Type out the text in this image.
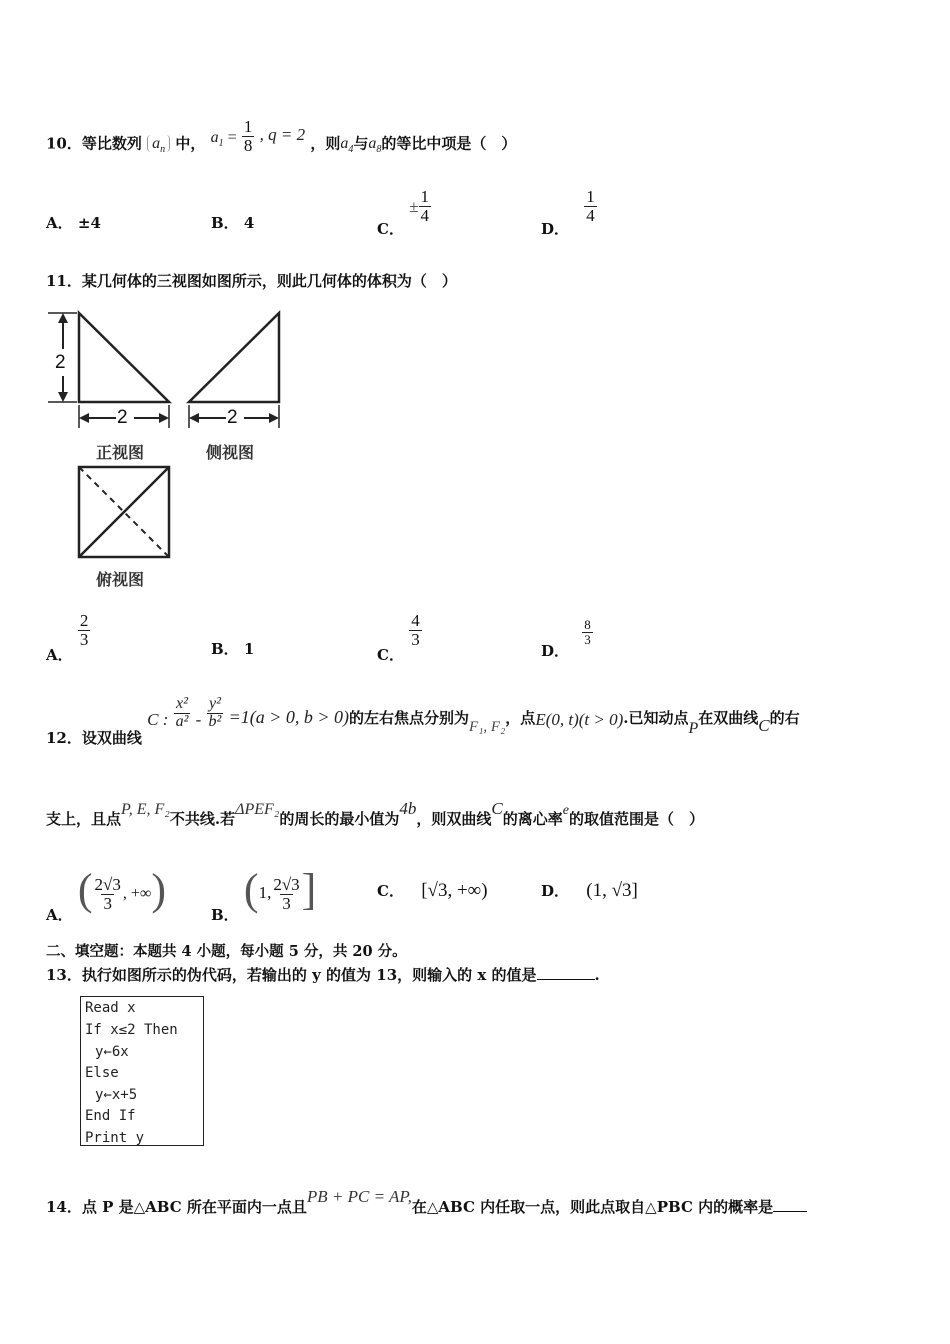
10．等比数列 $a_n$ 中， $a_1 = \frac{1}{8}$ , q = 2 ，则$a_4$与$a_8$的等比中项是（　）
A． ±4	B． 4	C． ± $\frac{1}{4}$
D．
$\frac{1}{4}$
11．某几何体的三视图如图所示，则此几何体的体积为（　）
2
2	2
正视图	侧视图
俯视图
A．
$\frac{2}{3}$
B． 1	C．
$\frac{4}{3}$
D．
$\frac{8}{3}$
12．设双曲线 C : $\frac{\text{x²}}{\text{a²}} - \frac{\text{y²}}{\text{b²}} =1(a > 0$, b > 0)的左右焦点分别为F₁, F₂，点E(0, t)(t > 0).已知动点P在双曲线C的右
支上，且点P, E, F₂不共线.若ΔPEF₂的周长的最小值为4b，则双曲线C的离心率e的取值范围是（　）
A． ( $\frac{2√3}{3}$ , +∞)
B． (1, $\frac{2√3}{3}$ ]	C． [√3, +∞)	D． (1, √3]
二、填空题：本题共 4 小题，每小题 5 分，共 20 分。
13．执行如图所示的伪代码，若输出的 y 的值为 13，则输入的 x 的值是	.
Read x
If x≤2 Then
y←6x
Else
y←x+5
End If
Print y
14．点 P 是△ABC 所在平面内一点且PB + PC = AP,在△ABC 内任取一点，则此点取自△PBC 内的概率是
